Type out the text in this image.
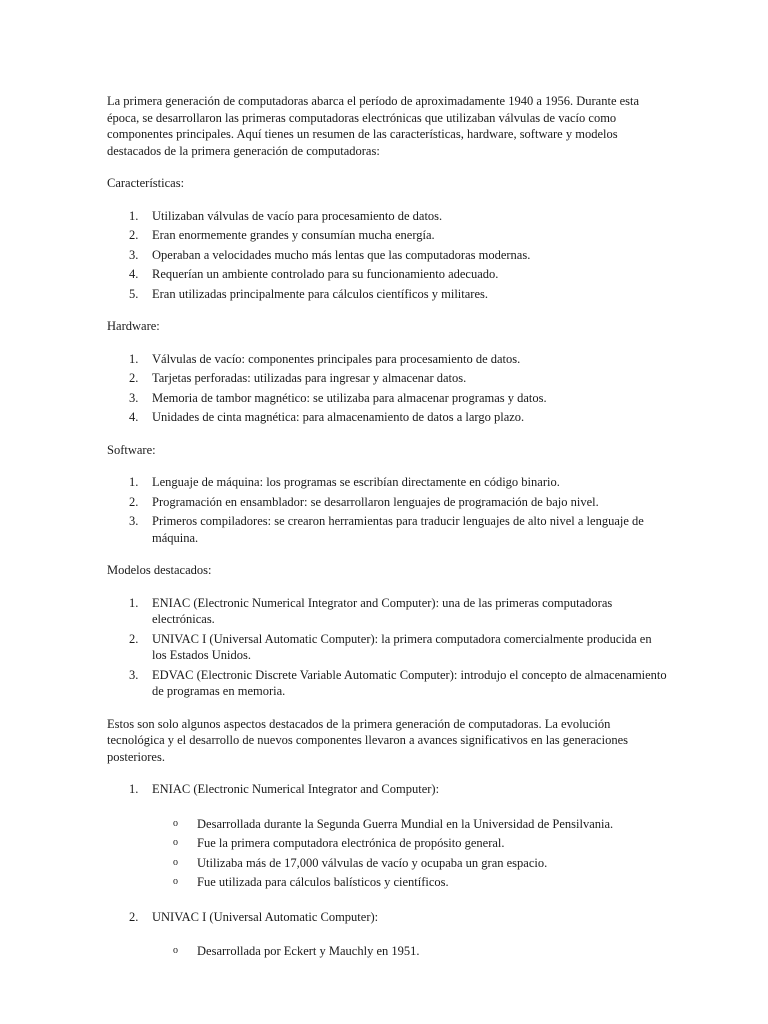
La primera generación de computadoras abarca el período de aproximadamente 1940 a 1956. Durante esta época, se desarrollaron las primeras computadoras electrónicas que utilizaban válvulas de vacío como componentes principales. Aquí tienes un resumen de las características, hardware, software y modelos destacados de la primera generación de computadoras:

Características:

1. Utilizaban válvulas de vacío para procesamiento de datos.
2. Eran enormemente grandes y consumían mucha energía.
3. Operaban a velocidades mucho más lentas que las computadoras modernas.
4. Requerían un ambiente controlado para su funcionamiento adecuado.
5. Eran utilizadas principalmente para cálculos científicos y militares.

Hardware:

1. Válvulas de vacío: componentes principales para procesamiento de datos.
2. Tarjetas perforadas: utilizadas para ingresar y almacenar datos.
3. Memoria de tambor magnético: se utilizaba para almacenar programas y datos.
4. Unidades de cinta magnética: para almacenamiento de datos a largo plazo.

Software:

1. Lenguaje de máquina: los programas se escribían directamente en código binario.
2. Programación en ensamblador: se desarrollaron lenguajes de programación de bajo nivel.
3. Primeros compiladores: se crearon herramientas para traducir lenguajes de alto nivel a lenguaje de máquina.

Modelos destacados:

1. ENIAC (Electronic Numerical Integrator and Computer): una de las primeras computadoras electrónicas.
2. UNIVAC I (Universal Automatic Computer): la primera computadora comercialmente producida en los Estados Unidos.
3. EDVAC (Electronic Discrete Variable Automatic Computer): introdujo el concepto de almacenamiento de programas en memoria.

Estos son solo algunos aspectos destacados de la primera generación de computadoras. La evolución tecnológica y el desarrollo de nuevos componentes llevaron a avances significativos en las generaciones posteriores.

1. ENIAC (Electronic Numerical Integrator and Computer):

o Desarrollada durante la Segunda Guerra Mundial en la Universidad de Pensilvania.
o Fue la primera computadora electrónica de propósito general.
o Utilizaba más de 17,000 válvulas de vacío y ocupaba un gran espacio.
o Fue utilizada para cálculos balísticos y científicos.

2. UNIVAC I (Universal Automatic Computer):

o Desarrollada por Eckert y Mauchly en 1951.
